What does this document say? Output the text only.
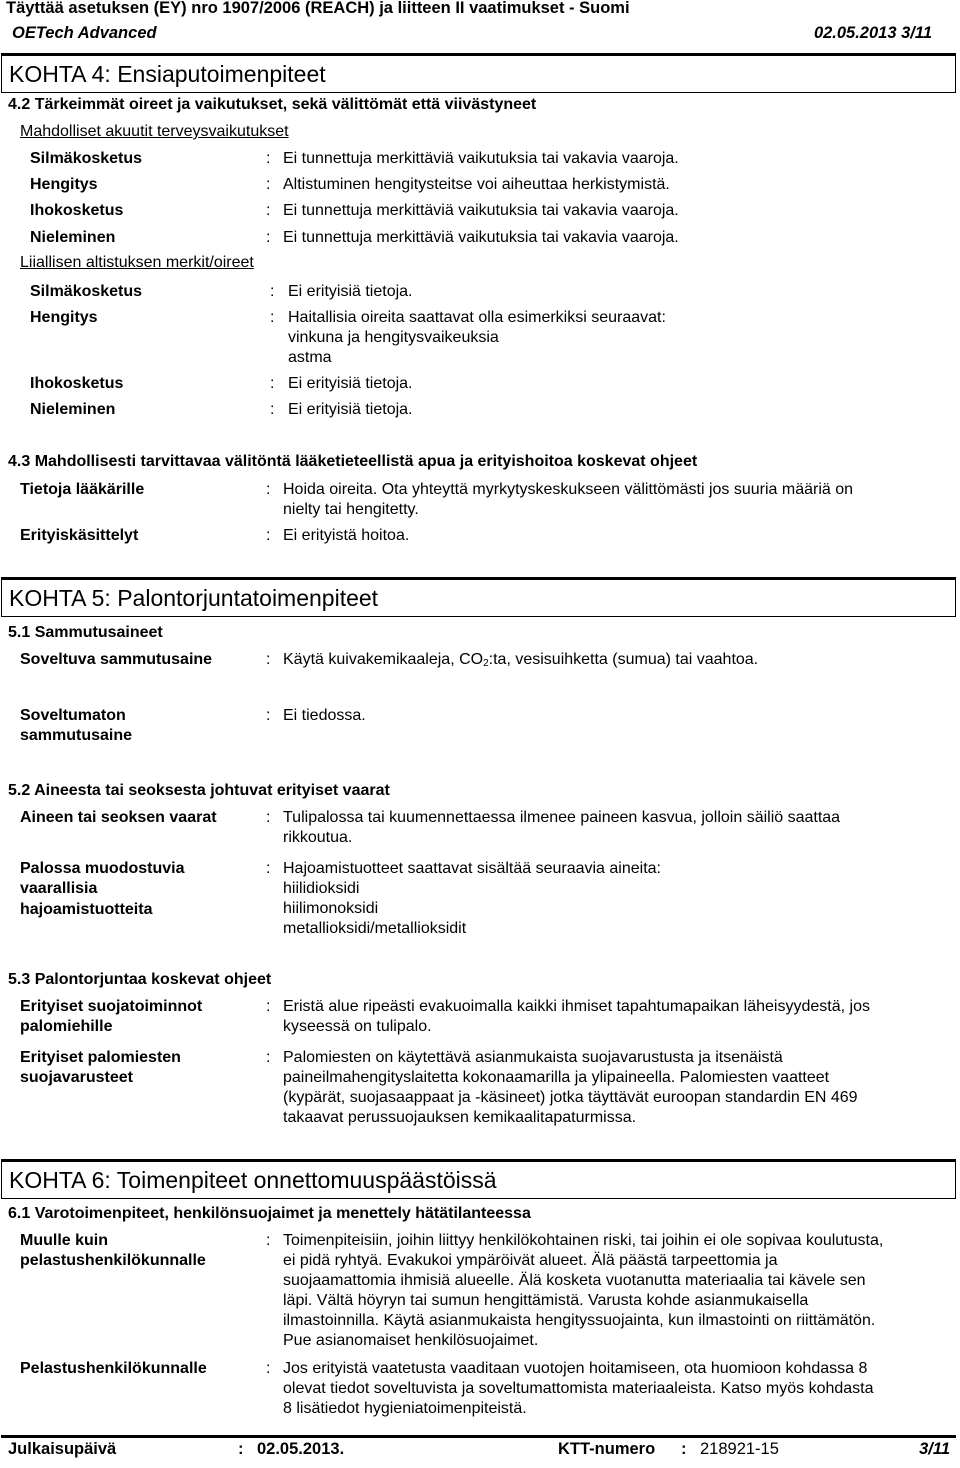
Täyttää asetuksen (EY) nro 1907/2006 (REACH) ja liitteen II vaatimukset - Suomi
OETech Advanced	02.05.2013 3/11
KOHTA 4: Ensiaputoimenpiteet
4.2 Tärkeimmät oireet ja vaikutukset, sekä välittömät että viivästyneet
Mahdolliset akuutit terveysvaikutukset
Silmäkosketus	: Ei tunnettuja merkittäviä vaikutuksia tai vakavia vaaroja.
Hengitys	: Altistuminen hengitysteitse voi aiheuttaa herkistymistä.
Ihokosketus	: Ei tunnettuja merkittäviä vaikutuksia tai vakavia vaaroja.
Nieleminen	: Ei tunnettuja merkittäviä vaikutuksia tai vakavia vaaroja.
Liiallisen altistuksen merkit/oireet
Silmäkosketus	: Ei erityisiä tietoja.
Hengitys	: Haitallisia oireita saattavat olla esimerkiksi seuraavat:
vinkuna ja hengitysvaikeuksia
astma
Ihokosketus	: Ei erityisiä tietoja.
Nieleminen	: Ei erityisiä tietoja.
4.3 Mahdollisesti tarvittavaa välitöntä lääketieteellistä apua ja erityishoitoa koskevat ohjeet
Tietoja lääkärille	: Hoida oireita. Ota yhteyttä myrkytyskeskukseen välittömästi jos suuria määriä on
nielty tai hengitetty.
Erityiskäsittelyt	: Ei erityistä hoitoa.
KOHTA 5: Palontorjuntatoimenpiteet
5.1 Sammutusaineet
Soveltuva sammutusaine	: Käytä kuivakemikaaleja, $CO_2:ta$, vesisuihketta (sumua) tai vaahtoa.
Soveltumaton
sammutusaine
: Ei tiedossa.
5.2 Aineesta tai seoksesta johtuvat erityiset vaarat
Aineen tai seoksen vaarat	: Tulipalossa tai kuumennettaessa ilmenee paineen kasvua, jolloin säiliö saattaa
rikkoutua.
Palossa muodostuvia
vaarallisia
hajoamistuotteita
: Hajoamistuotteet saattavat sisältää seuraavia aineita:
hiilidioksidi
hiilimonoksidi
metallioksidi/metallioksidit
5.3 Palontorjuntaa koskevat ohjeet
Erityiset suojatoiminnot
palomiehille
: Eristä alue ripeästi evakuoimalla kaikki ihmiset tapahtumapaikan läheisyydestä, jos
kyseessä on tulipalo.
Erityiset palomiesten
suojavarusteet
: Palomiesten on käytettävä asianmukaista suojavarustusta ja itsenäistä
paineilmahengityslaitetta kokonaamarilla ja ylipaineella. Palomiesten vaatteet
(kypärät, suojasaappaat ja -käsineet) jotka täyttävät euroopan standardin EN 469
takaavat perussuojauksen kemikaalitapaturmissa.
KOHTA 6: Toimenpiteet onnettomuuspäästöissä
6.1 Varotoimenpiteet, henkilönsuojaimet ja menettely hätätilanteessa
Muulle kuin
pelastushenkilökunnalle
: Toimenpiteisiin, joihin liittyy henkilökohtainen riski, tai joihin ei ole sopivaa koulutusta,
ei pidä ryhtyä. Evakukoi ympäröivät alueet. Älä päästä tarpeettomia ja
suojaamattomia ihmisiä alueelle. Älä kosketa vuotanutta materiaalia tai kävele sen
läpi. Vältä höyryn tai sumun hengittämistä. Varusta kohde asianmukaisella
ilmastoinnilla. Käytä asianmukaista hengityssuojainta, kun ilmastointi on riittämätön.
Pue asianomaiset henkilösuojaimet.
Pelastushenkilökunnalle	: Jos erityistä vaatetusta vaaditaan vuotojen hoitamiseen, ota huomioon kohdassa 8
olevat tiedot soveltuvista ja soveltumattomista materiaaleista. Katso myös kohdasta
8 lisätiedot hygieniatoimenpiteistä.
Julkaisupäivä	: 02.05.2013.	KTT-numero : 218921-15	3/11
